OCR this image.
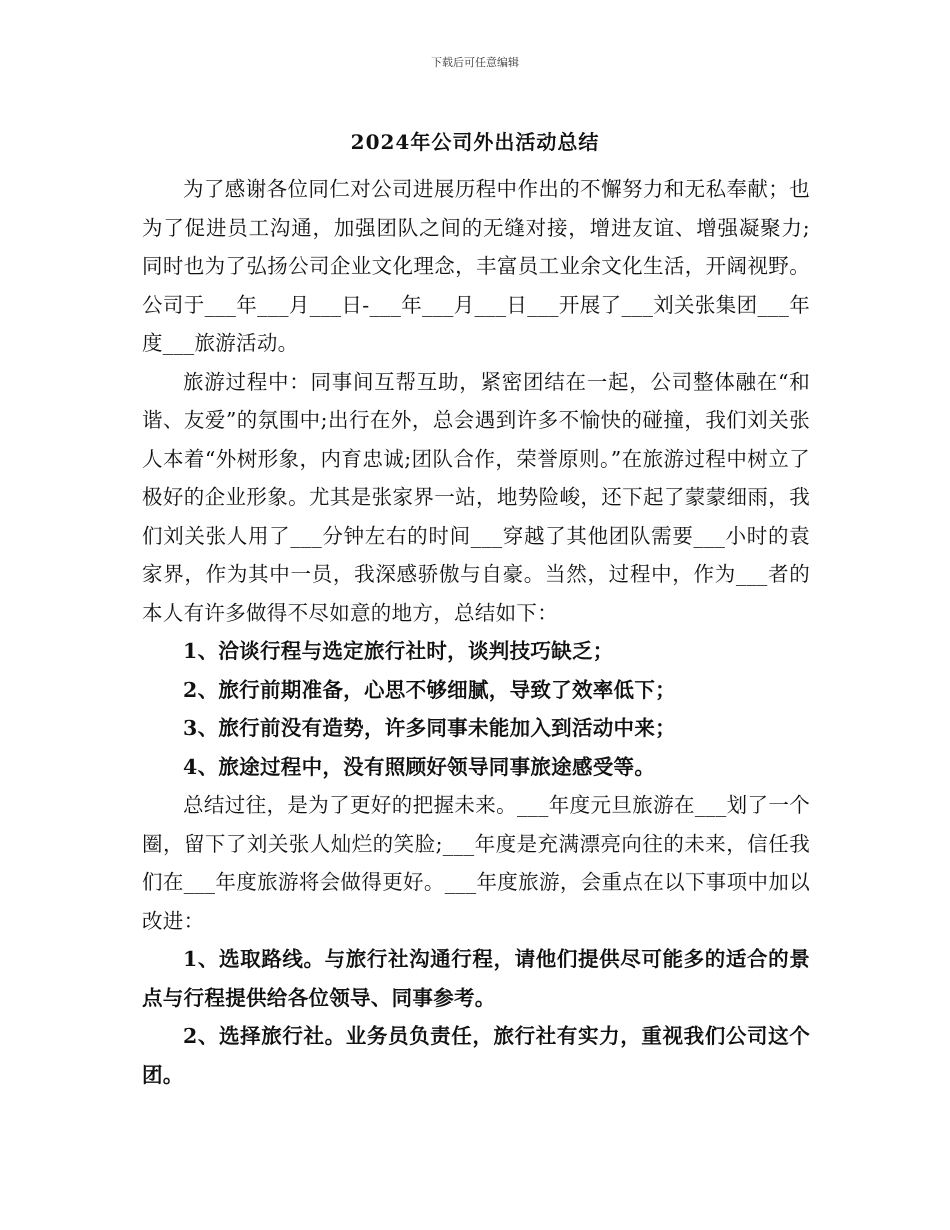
下载后可任意编辑
2024年公司外出活动总结

为了感谢各位同仁对公司进展历程中作出的不懈努力和无私奉献；也为了促进员工沟通，加强团队之间的无缝对接，增进友谊、增强凝聚力;同时也为了弘扬公司企业文化理念，丰富员工业余文化生活，开阔视野。公司于___年___月___日-___年___月___日___开展了___刘关张集团___年度___旅游活动。

旅游过程中：同事间互帮互助，紧密团结在一起，公司整体融在“和谐、友爱”的氛围中;出行在外，总会遇到许多不愉快的碰撞，我们刘关张人本着“外树形象，内育忠诚;团队合作，荣誉原则。”在旅游过程中树立了极好的企业形象。尤其是张家界一站，地势险峻，还下起了蒙蒙细雨，我们刘关张人用了___分钟左右的时间___穿越了其他团队需要___小时的袁家界，作为其中一员，我深感骄傲与自豪。当然，过程中，作为___者的本人有许多做得不尽如意的地方，总结如下：

1、洽谈行程与选定旅行社时，谈判技巧缺乏；

2、旅行前期准备，心思不够细腻，导致了效率低下；

3、旅行前没有造势，许多同事未能加入到活动中来；

4、旅途过程中，没有照顾好领导同事旅途感受等。

总结过往，是为了更好的把握未来。___年度元旦旅游在___划了一个圈，留下了刘关张人灿烂的笑脸;___年度是充满漂亮向往的未来，信任我们在___年度旅游将会做得更好。___年度旅游，会重点在以下事项中加以改进：

1、选取路线。与旅行社沟通行程，请他们提供尽可能多的适合的景点与行程提供给各位领导、同事参考。

2、选择旅行社。业务员负责任，旅行社有实力，重视我们公司这个团。
